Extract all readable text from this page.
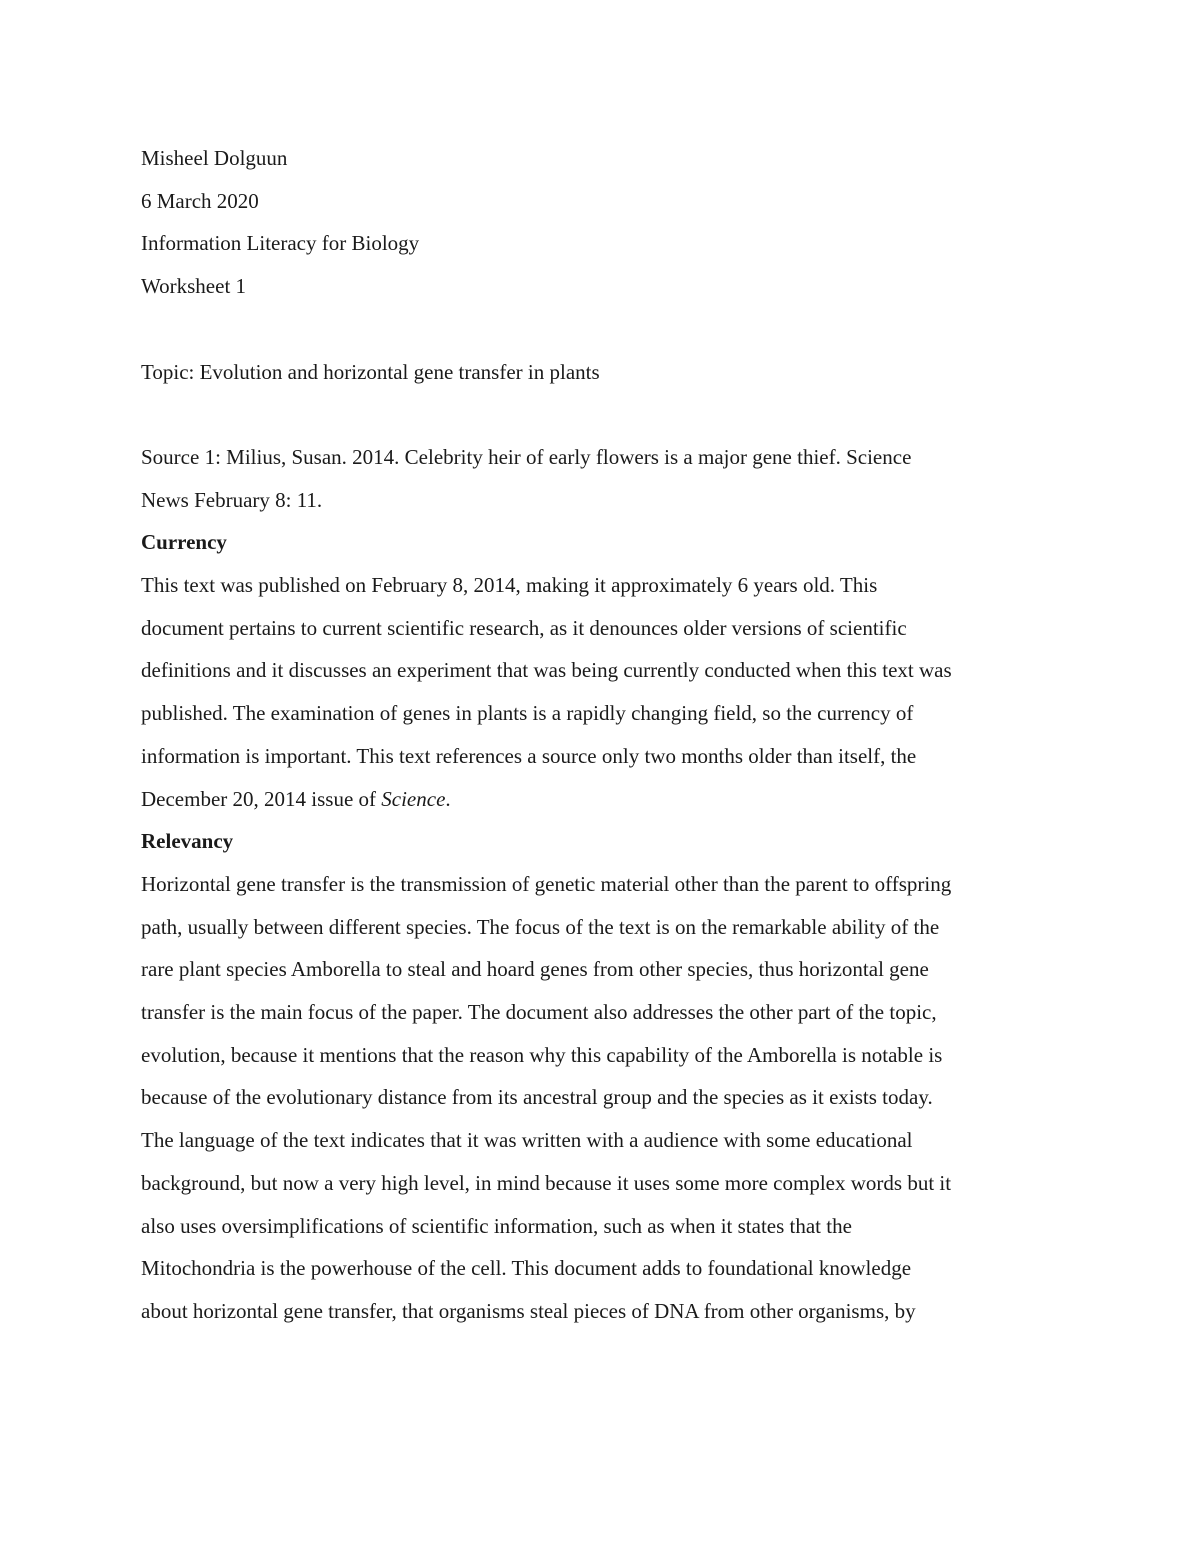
Misheel Dolguun
6 March 2020
Information Literacy for Biology
Worksheet 1
Topic: Evolution and horizontal gene transfer in plants
Source 1: Milius, Susan. 2014. Celebrity heir of early flowers is a major gene thief. Science
News February 8: 11.
Currency
This text was published on February 8, 2014, making it approximately 6 years old. This
document pertains to current scientific research, as it denounces older versions of scientific
definitions and it discusses an experiment that was being currently conducted when this text was
published. The examination of genes in plants is a rapidly changing field, so the currency of
information is important. This text references a source only two months older than itself, the
December 20, 2014 issue of Science.
Relevancy
Horizontal gene transfer is the transmission of genetic material other than the parent to offspring
path, usually between different species. The focus of the text is on the remarkable ability of the
rare plant species Amborella to steal and hoard genes from other species, thus horizontal gene
transfer is the main focus of the paper. The document also addresses the other part of the topic,
evolution, because it mentions that the reason why this capability of the Amborella is notable is
because of the evolutionary distance from its ancestral group and the species as it exists today.
The language of the text indicates that it was written with a audience with some educational
background, but now a very high level, in mind because it uses some more complex words but it
also uses oversimplifications of scientific information, such as when it states that the
Mitochondria is the powerhouse of the cell. This document adds to foundational knowledge
about horizontal gene transfer, that organisms steal pieces of DNA from other organisms, by
